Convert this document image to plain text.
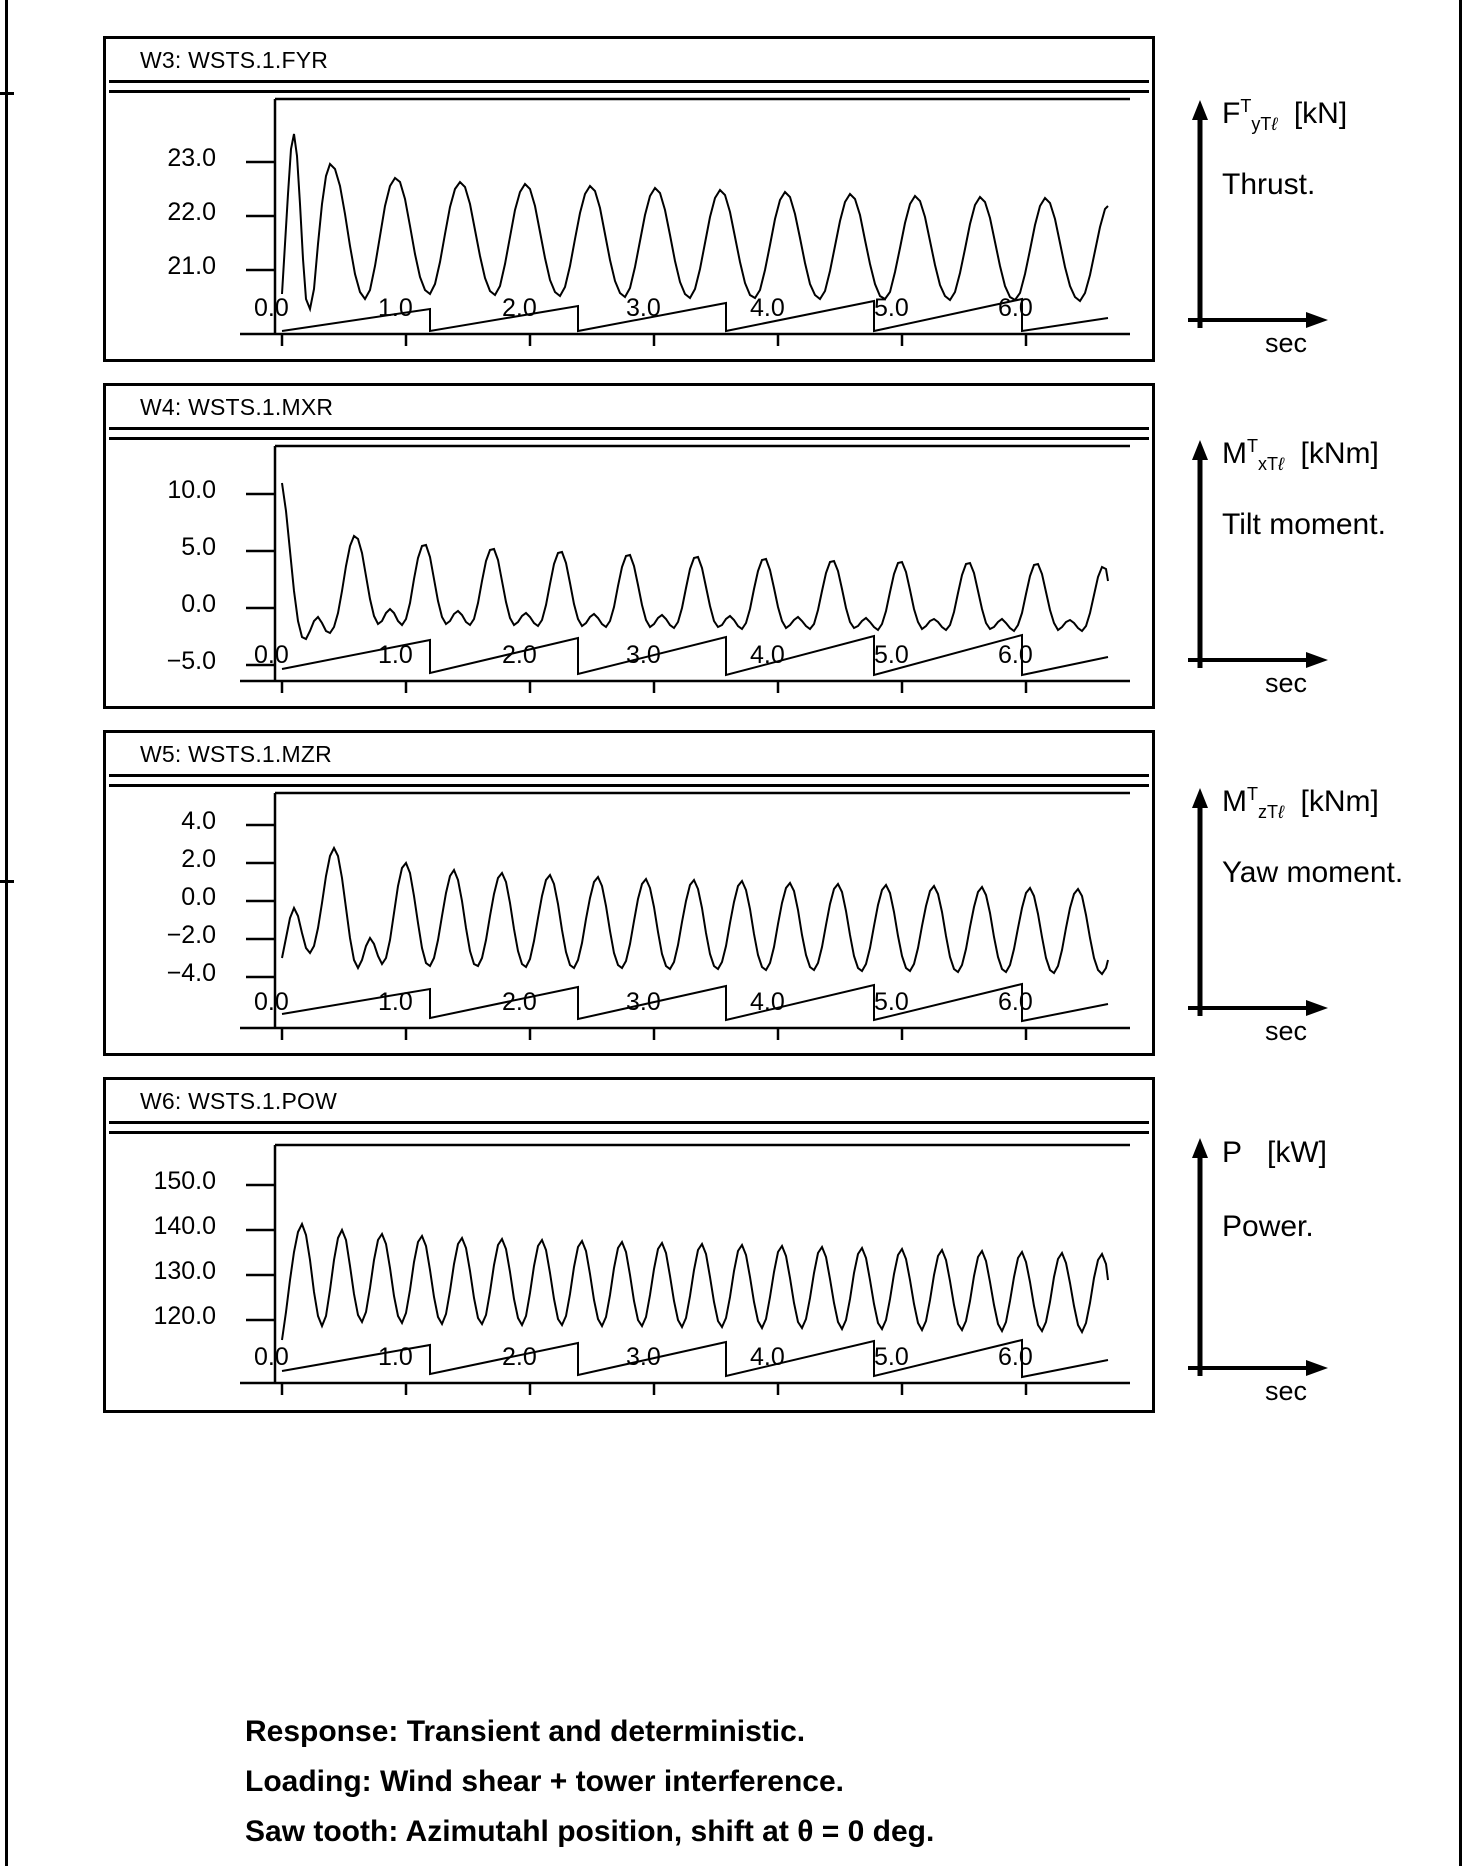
W3: WSTS.1.FYR
23.0
22.0
21.0
0.0	1.0	2.0	3.0	4.0	5.0	6.0
$F^T_{yT\ell}$  [kN]
Thrust.
sec
W4: WSTS.1.MXR
10.0
5.0
0.0
−5.0 0.0	1.0	2.0	3.0	4.0	5.0	6.0
$M^T_{xT\ell}$  [kNm]
Tilt moment.
sec
W5: WSTS.1.MZR
4.0
2.0
0.0
−2.0
−4.0
0.0	1.0	2.0	3.0	4.0	5.0	6.0
$M^T_{zT\ell}$  [kNm]
Yaw moment.
sec
W6: WSTS.1.POW
150.0
140.0
130.0
120.0
0.0	1.0	2.0	3.0	4.0	5.0	6.0
P   [kW]
Power.
sec
Response: Transient and deterministic.
Loading: Wind shear + tower interference.
Saw tooth: Azimutahl position, shift at θ = 0 deg.
